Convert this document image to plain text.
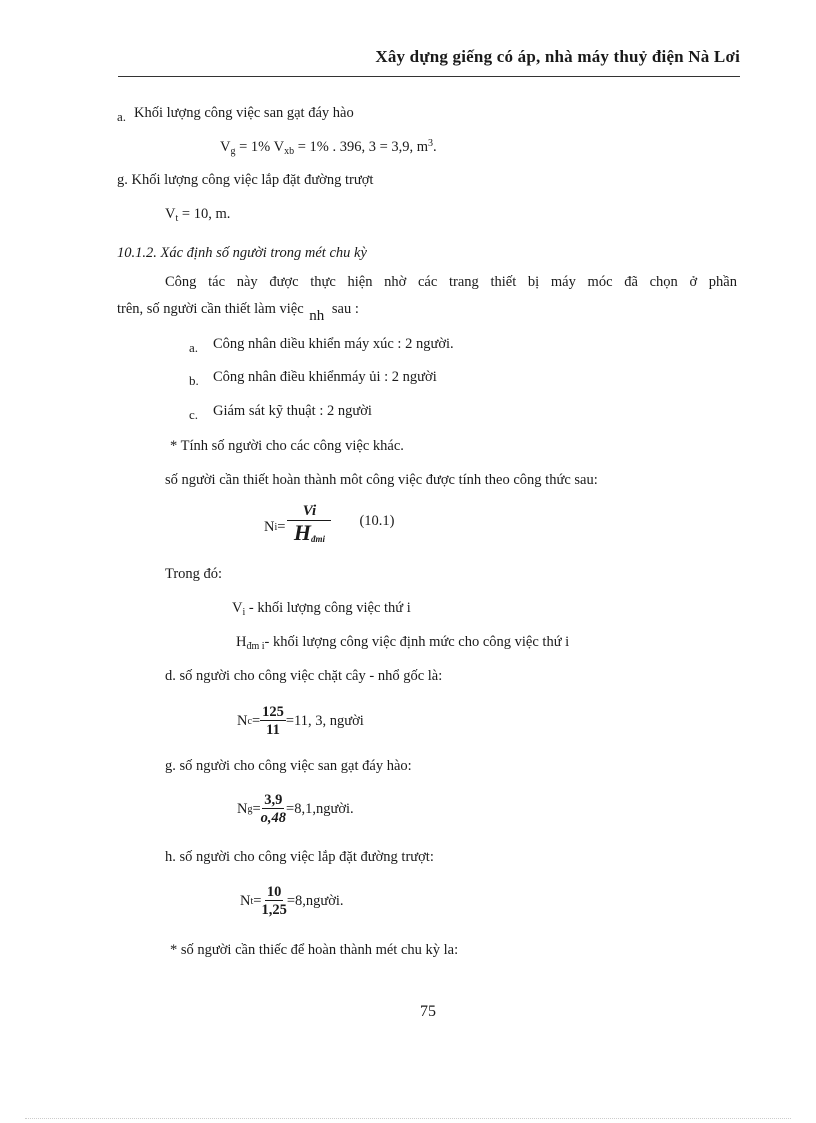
Xây dựng giếng có áp, nhà máy thuỷ điện Nà Lơi
a. Khối lượng công việc san gạt đáy hào
$V_g = 1\%$ $V_{xb} = 1\%$ . 396, 3 = 3,9, $m^3$.
g. Khối lượng công việc lắp đặt đường trượt
$V_t = 10$, m.
10.1.2. Xác định số người trong mét chu kỳ
Công tác này được thực hiện nhờ các trang thiết bị máy móc đã chọn ở phần
trên, số người cần thiết làm việc nh sau :
a. Công nhân diều khiển máy xúc : 2 người.
b. Công nhân điều khiểnmáy ủi : 2 người
c. Giám sát kỹ thuật : 2 người
* Tính số người cho các công việc khác.
số người cần thiết hoàn thành môt công việc được tính theo công thức sau:
N $i = \frac{Vi}{H_{đmi}} (10.1)$
Trong đó:
$V_i$ - khối lượng công việc thứ i
$H_{đm i}-$ khối lượng công việc định mức cho công việc thứ i
d. số người cho công việc chặt cây - nhổ gốc là:
N $c = \frac{125}{11} =11$, 3, người
g. số người cho công việc san gạt đáy hào:
N $g = \frac{3,9}{o,48}$ =8,1,người.
h. số người cho công việc lắp đặt đường trượt:
N $t = \frac{10}{1,25}$ =8,người.
* số người cần thiếc để hoàn thành mét chu kỳ la:
75
